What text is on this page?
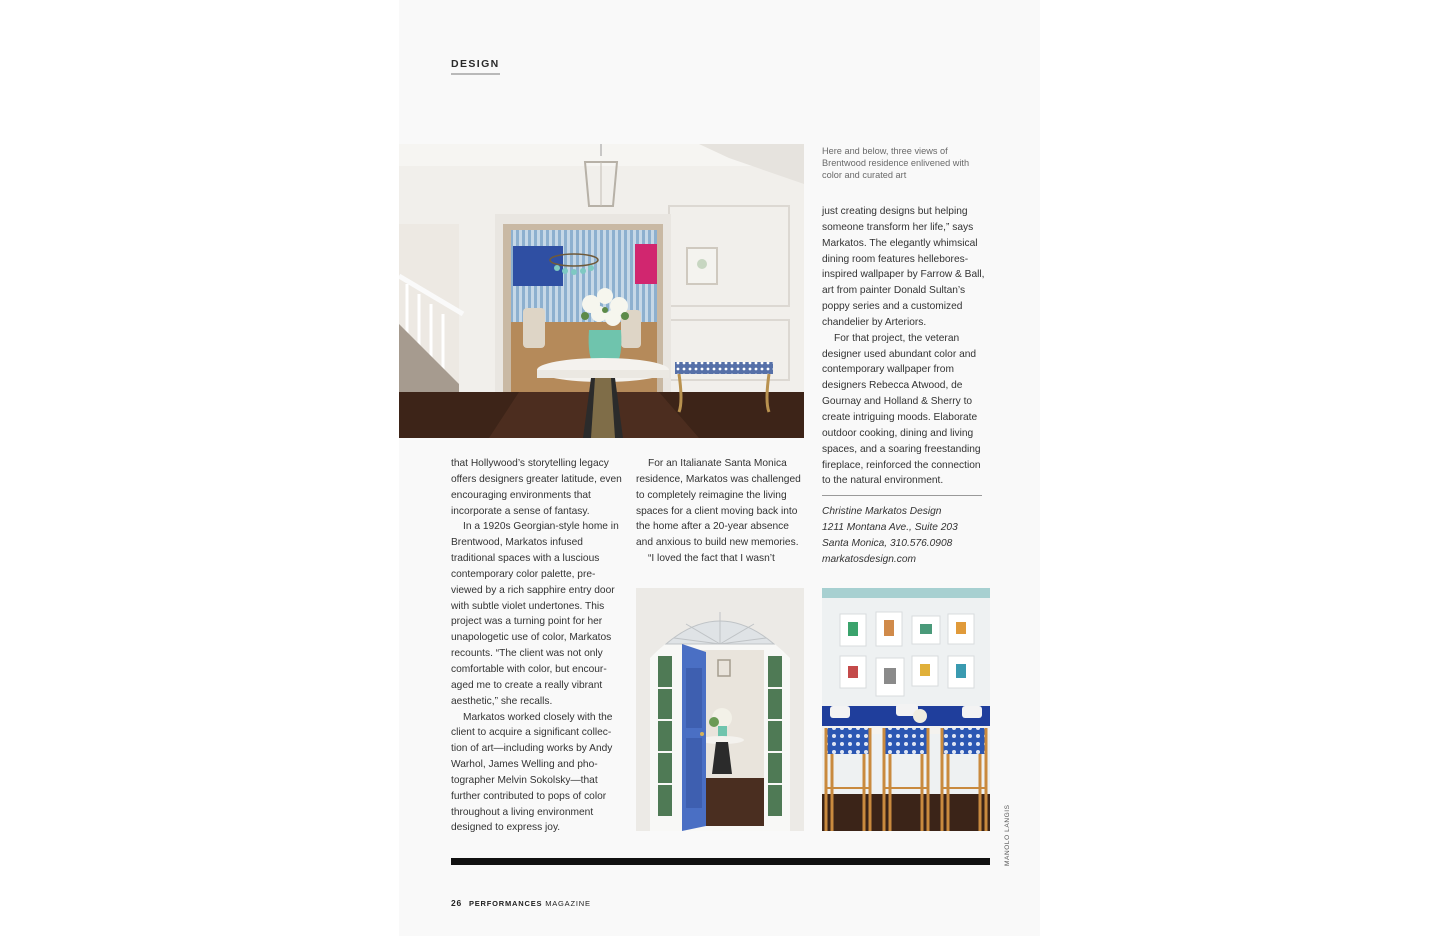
DESIGN
Here and below, three views of Brentwood residence enlivened with color and curated art

just creating designs but helping someone transform her life,” says Markatos. The elegantly whimsical dining room features hellebores-inspired wallpaper by Farrow & Ball, art from painter Donald Sultan’s poppy series and a customized chandelier by Arteriors.

For that project, the veteran designer used abundant color and contemporary wallpaper from designers Rebecca Atwood, de Gournay and Holland & Sherry to create intriguing moods. Elaborate outdoor cooking, dining and living spaces, and a soaring freestanding fireplace, reinforced the connection to the natural environment.

Christine Markatos Design
1211 Montana Ave., Suite 203
Santa Monica, 310.576.0908
markatosdesign.com

that Hollywood’s storytelling legacy offers designers greater latitude, even encouraging environments that incorporate a sense of fantasy.

In a 1920s Georgian-style home in Brentwood, Markatos infused traditional spaces with a luscious contemporary color palette, pre-viewed by a rich sapphire entry door with subtle violet undertones. This project was a turning point for her unapologetic use of color, Markatos recounts. “The client was not only comfortable with color, but encour-aged me to create a really vibrant aesthetic,” she recalls.

Markatos worked closely with the client to acquire a significant collec-tion of art—including works by Andy Warhol, James Welling and pho-tographer Melvin Sokolsky—that further contributed to pops of color throughout a living environment designed to express joy.

For an Italianate Santa Monica residence, Markatos was challenged to completely reimagine the living spaces for a client moving back into the home after a 20-year absence and anxious to build new memories.

“I loved the fact that I wasn’t

MANOLO LANGIS
26 PERFORMANCES MAGAZINE
